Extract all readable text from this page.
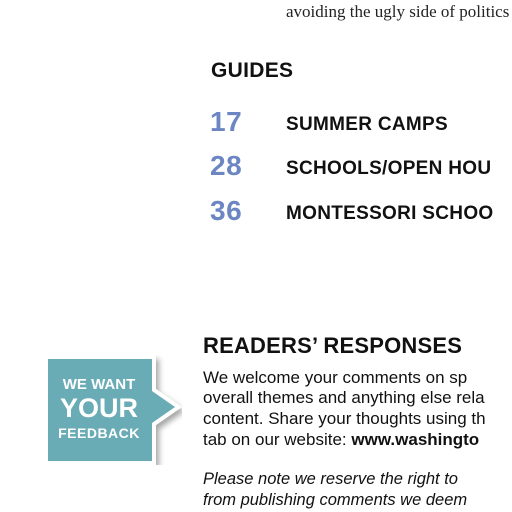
avoiding the ugly side of politics
GUIDES
17 SUMMER CAMPS
28 SCHOOLS/OPEN HOU
36 MONTESSORI SCHOO
WE WANT
YOUR
FEEDBACK
READERS’ RESPONSES
We welcome your comments on sp
overall themes and anything else rela
content. Share your thoughts using th
tab on our website: www.washingto
Please note we reserve the right to
from publishing comments we deem
